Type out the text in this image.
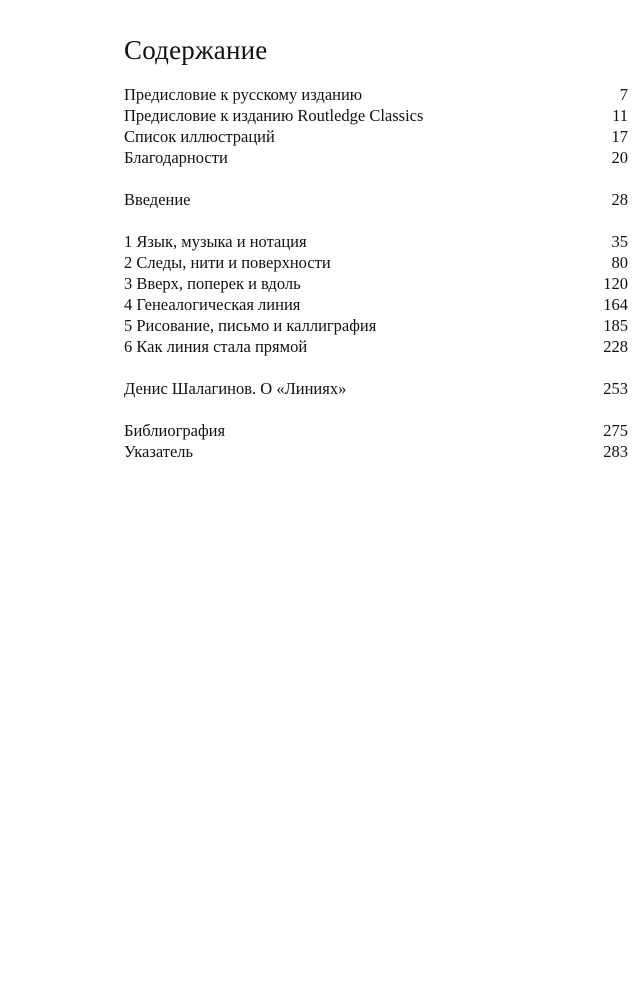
Содержание
Предисловие к русскому изданию	7
Предисловие к изданию Routledge Classics	11
Список иллюстраций	17
Благодарности	20
Введение	28
1 Язык, музыка и нотация	35
2 Следы, нити и поверхности	80
3 Вверх, поперек и вдоль	120
4 Генеалогическая линия	164
5 Рисование, письмо и каллиграфия	185
6 Как линия стала прямой	228
Денис Шалагинов. О «Линиях»	253
Библиография	275
Указатель	283
